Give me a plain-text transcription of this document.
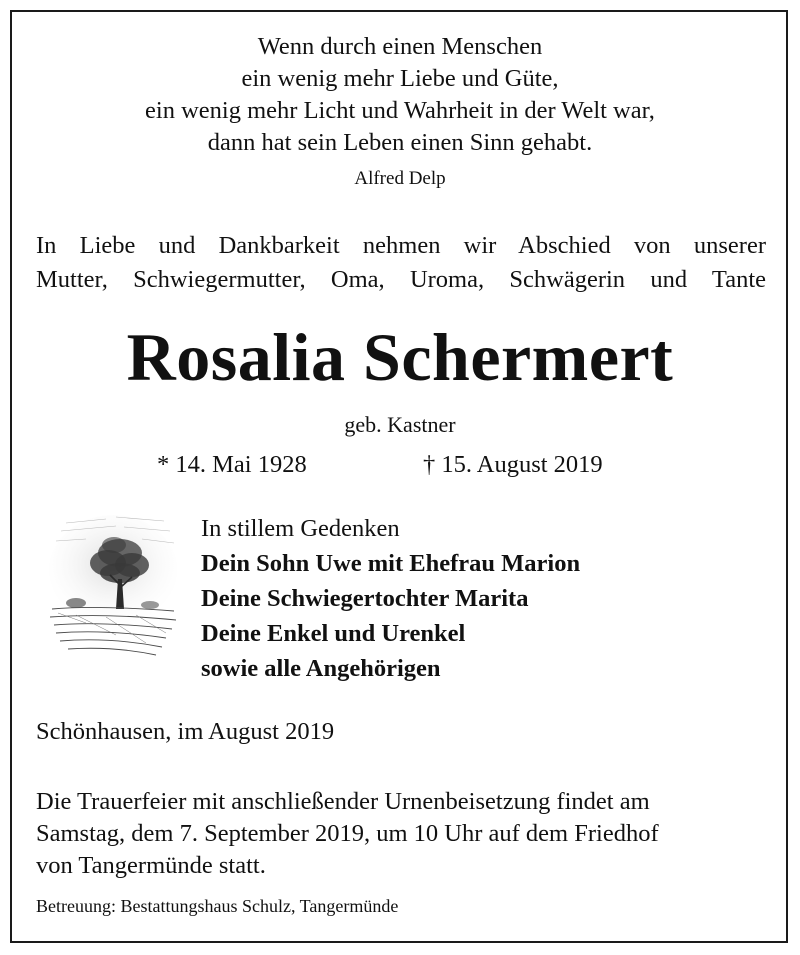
Wenn durch einen Menschen
ein wenig mehr Liebe und Güte,
ein wenig mehr Licht und Wahrheit in der Welt war,
dann hat sein Leben einen Sinn gehabt.
Alfred Delp
In Liebe und Dankbarkeit nehmen wir Abschied von unserer
Mutter, Schwiegermutter, Oma, Uroma, Schwägerin und Tante
Rosalia Schermert
geb. Kastner
* 14. Mai 1928	† 15. August 2019
In stillem Gedenken
Dein Sohn Uwe mit Ehefrau Marion
Deine Schwiegertochter Marita
Deine Enkel und Urenkel
sowie alle Angehörigen
Schönhausen, im August 2019
Die Trauerfeier mit anschließender Urnenbeisetzung findet am
Samstag, dem 7. September 2019, um 10 Uhr auf dem Friedhof
von Tangermünde statt.
Betreuung: Bestattungshaus Schulz, Tangermünde
